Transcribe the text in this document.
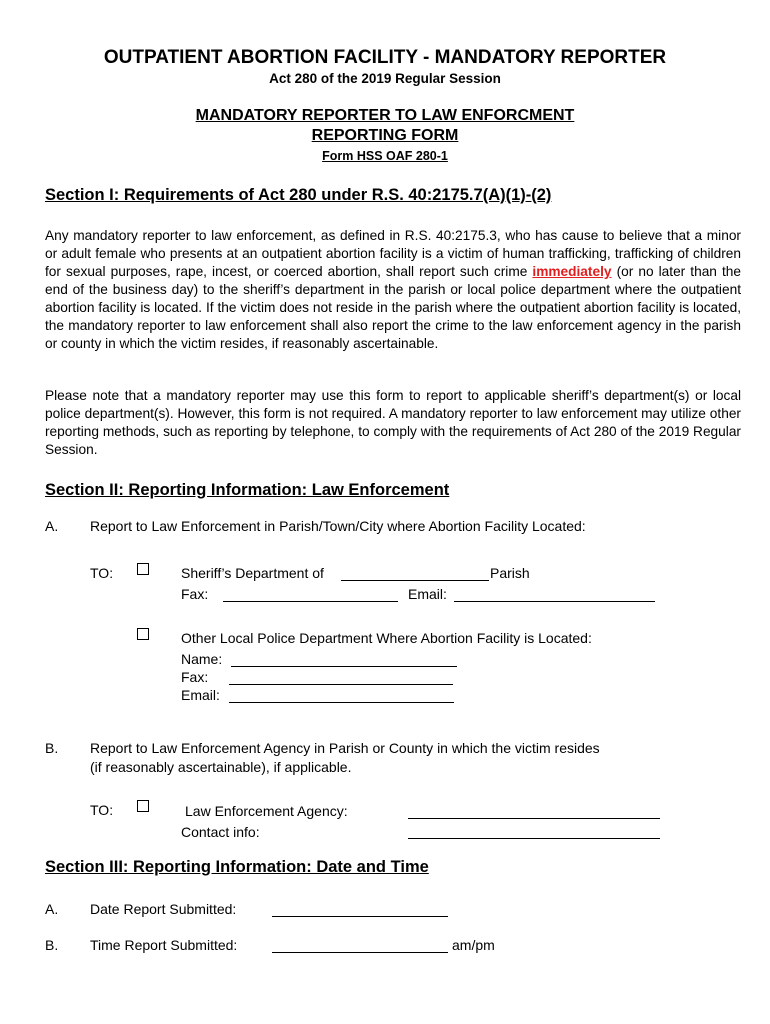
OUTPATIENT ABORTION FACILITY - MANDATORY REPORTER
Act 280 of the 2019 Regular Session
MANDATORY REPORTER TO LAW ENFORCMENT
REPORTING FORM
Form HSS OAF 280-1
Section I: Requirements of Act 280 under R.S. 40:2175.7(A)(1)-(2)
Any mandatory reporter to law enforcement, as defined in R.S. 40:2175.3, who has cause to believe that a minor or adult female who presents at an outpatient abortion facility is a victim of human trafficking, trafficking of children for sexual purposes, rape, incest, or coerced abortion, shall report such crime immediately (or no later than the end of the business day) to the sheriff’s department in the parish or local police department where the outpatient abortion facility is located. If the victim does not reside in the parish where the outpatient abortion facility is located, the mandatory reporter to law enforcement shall also report the crime to the law enforcement agency in the parish or county in which the victim resides, if reasonably ascertainable.
Please note that a mandatory reporter may use this form to report to applicable sheriff’s department(s) or local police department(s). However, this form is not required. A mandatory reporter to law enforcement may utilize other reporting methods, such as reporting by telephone, to comply with the requirements of Act 280 of the 2019 Regular Session.
Section II: Reporting Information: Law Enforcement
A. Report to Law Enforcement in Parish/Town/City where Abortion Facility Located:
TO:	Sheriff’s Department of	Parish
Fax:	Email:
Other Local Police Department Where Abortion Facility is Located:
Name:
Fax:
Email:
B. Report to Law Enforcement Agency in Parish or County in which the victim resides
(if reasonably ascertainable), if applicable.
TO:	Law Enforcement Agency:
Contact info:
Section III: Reporting Information: Date and Time
A. Date Report Submitted:
B. Time Report Submitted:	am/pm
